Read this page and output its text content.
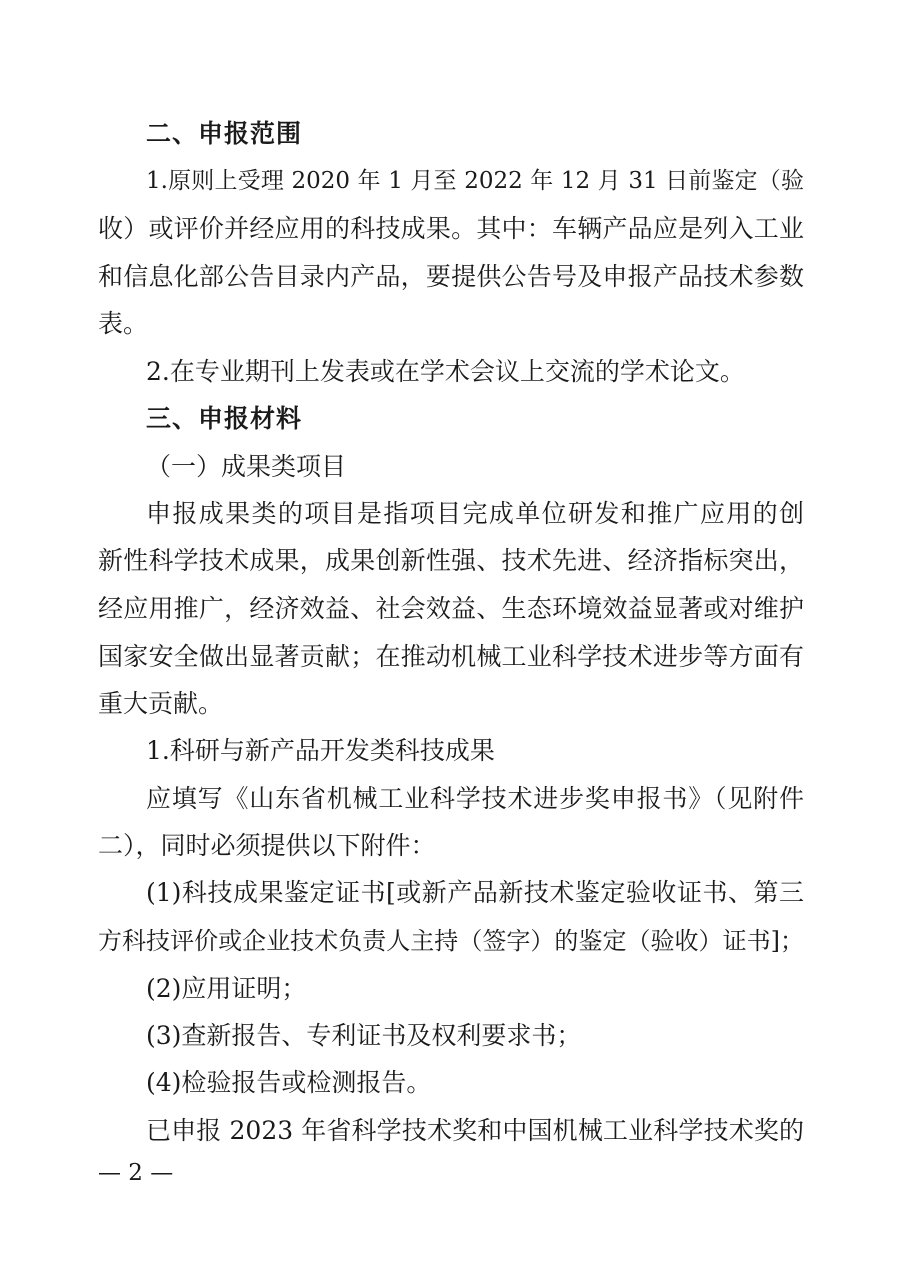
二、申报范围
1.原则上受理 2020 年 1 月至 2022 年 12 月 31 日前鉴定（验
收）或评价并经应用的科技成果。其中：车辆产品应是列入工业
和信息化部公告目录内产品，要提供公告号及申报产品技术参数
表。
2.在专业期刊上发表或在学术会议上交流的学术论文。
三、申报材料
（一）成果类项目
申报成果类的项目是指项目完成单位研发和推广应用的创
新性科学技术成果，成果创新性强、技术先进、经济指标突出，
经应用推广，经济效益、社会效益、生态环境效益显著或对维护
国家安全做出显著贡献；在推动机械工业科学技术进步等方面有
重大贡献。
1.科研与新产品开发类科技成果
应填写《山东省机械工业科学技术进步奖申报书》（见附件
二），同时必须提供以下附件：
(1)科技成果鉴定证书[或新产品新技术鉴定验收证书、第三
方科技评价或企业技术负责人主持（签字）的鉴定（验收）证书]；
(2)应用证明；
(3)查新报告、专利证书及权利要求书；
(4)检验报告或检测报告。
已申报 2023 年省科学技术奖和中国机械工业科学技术奖的
— 2 —
